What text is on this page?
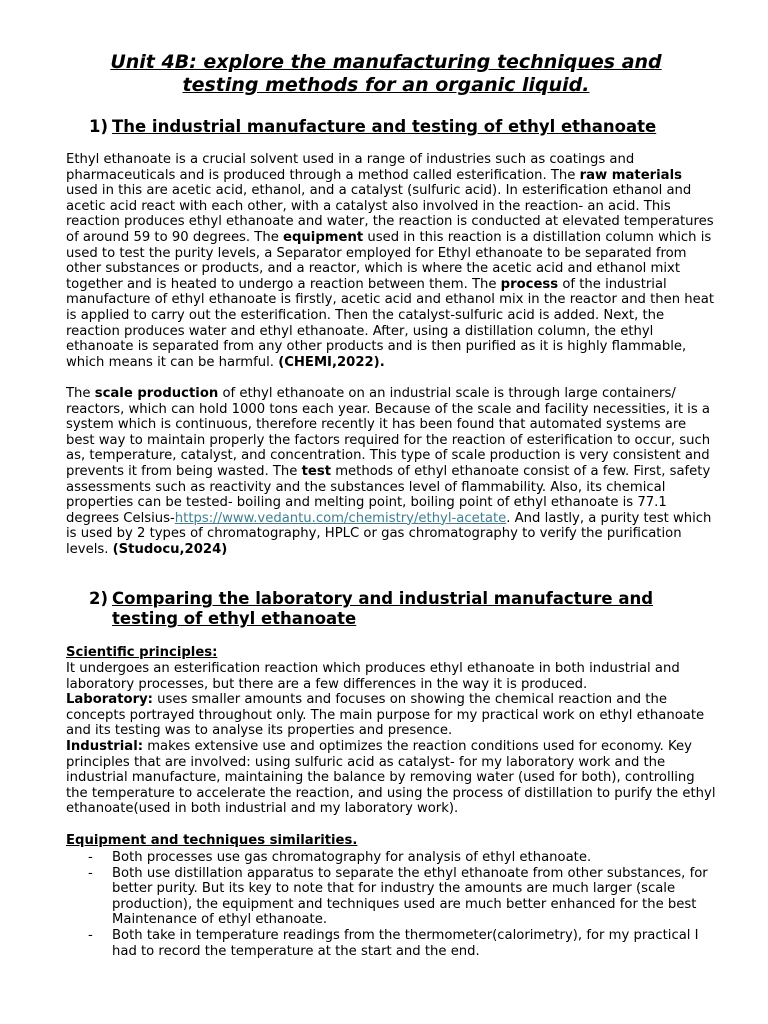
Unit 4B: explore the manufacturing techniques and
testing methods for an organic liquid.
1) The industrial manufacture and testing of ethyl ethanoate
Ethyl ethanoate is a crucial solvent used in a range of industries such as coatings and pharmaceuticals and is produced through a method called esterification. The raw materials used in this are acetic acid, ethanol, and a catalyst (sulfuric acid). In esterification ethanol and acetic acid react with each other, with a catalyst also involved in the reaction- an acid. This reaction produces ethyl ethanoate and water, the reaction is conducted at elevated temperatures of around 59 to 90 degrees. The equipment used in this reaction is a distillation column which is used to test the purity levels, a Separator employed for Ethyl ethanoate to be separated from other substances or products, and a reactor, which is where the acetic acid and ethanol mixt together and is heated to undergo a reaction between them. The process of the industrial manufacture of ethyl ethanoate is firstly, acetic acid and ethanol mix in the reactor and then heat is applied to carry out the esterification. Then the catalyst-sulfuric acid is added. Next, the reaction produces water and ethyl ethanoate. After, using a distillation column, the ethyl ethanoate is separated from any other products and is then purified as it is highly flammable, which means it can be harmful. (CHEMI,2022).
The scale production of ethyl ethanoate on an industrial scale is through large containers/ reactors, which can hold 1000 tons each year. Because of the scale and facility necessities, it is a system which is continuous, therefore recently it has been found that automated systems are best way to maintain properly the factors required for the reaction of esterification to occur, such as, temperature, catalyst, and concentration. This type of scale production is very consistent and prevents it from being wasted. The test methods of ethyl ethanoate consist of a few. First, safety assessments such as reactivity and the substances level of flammability. Also, its chemical properties can be tested- boiling and melting point, boiling point of ethyl ethanoate is 77.1 degrees Celsius-https://www.vedantu.com/chemistry/ethyl-acetate. And lastly, a purity test which is used by 2 types of chromatography, HPLC or gas chromatography to verify the purification levels. (Studocu,2024)
2) Comparing the laboratory and industrial manufacture and
testing of ethyl ethanoate
Scientific principles:
It undergoes an esterification reaction which produces ethyl ethanoate in both industrial and laboratory processes, but there are a few differences in the way it is produced.
Laboratory: uses smaller amounts and focuses on showing the chemical reaction and the concepts portrayed throughout only. The main purpose for my practical work on ethyl ethanoate and its testing was to analyse its properties and presence.
Industrial: makes extensive use and optimizes the reaction conditions used for economy. Key principles that are involved: using sulfuric acid as catalyst- for my laboratory work and the industrial manufacture, maintaining the balance by removing water (used for both), controlling the temperature to accelerate the reaction, and using the process of distillation to purify the ethyl ethanoate(used in both industrial and my laboratory work).
Equipment and techniques similarities.
- Both processes use gas chromatography for analysis of ethyl ethanoate.
- Both use distillation apparatus to separate the ethyl ethanoate from other substances, for better purity. But its key to note that for industry the amounts are much larger (scale production), the equipment and techniques used are much better enhanced for the best Maintenance of ethyl ethanoate.
- Both take in temperature readings from the thermometer(calorimetry), for my practical I had to record the temperature at the start and the end.
